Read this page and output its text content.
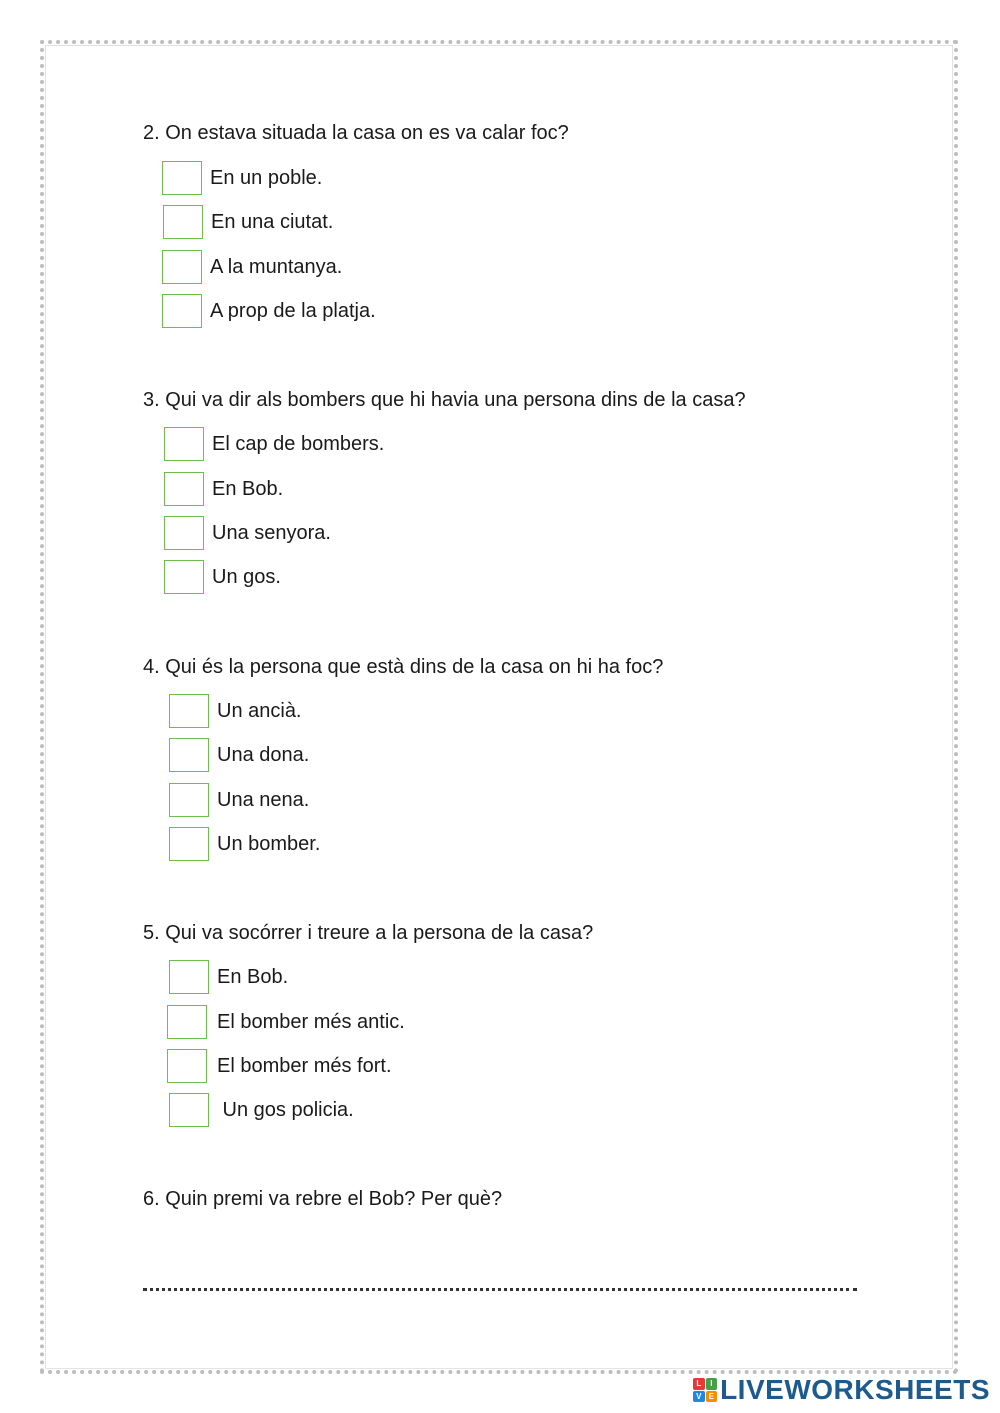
2. On estava situada la casa on es va calar foc?
En un poble.
En una ciutat.
A la muntanya.
A prop de la platja.
3. Qui va dir als bombers que hi havia una persona dins de la casa?
El cap de bombers.
En Bob.
Una senyora.
Un gos.
4. Qui és la persona que està dins de la casa on hi ha foc?
Un ancià.
Una dona.
Una nena.
Un bomber.
5. Qui va socórrer i treure a la persona de la casa?
En Bob.
El bomber més antic.
El bomber més fort.
Un gos policia.
6. Quin premi va rebre el Bob? Per què?
L	I
V E LIVEWORKSHEETS
